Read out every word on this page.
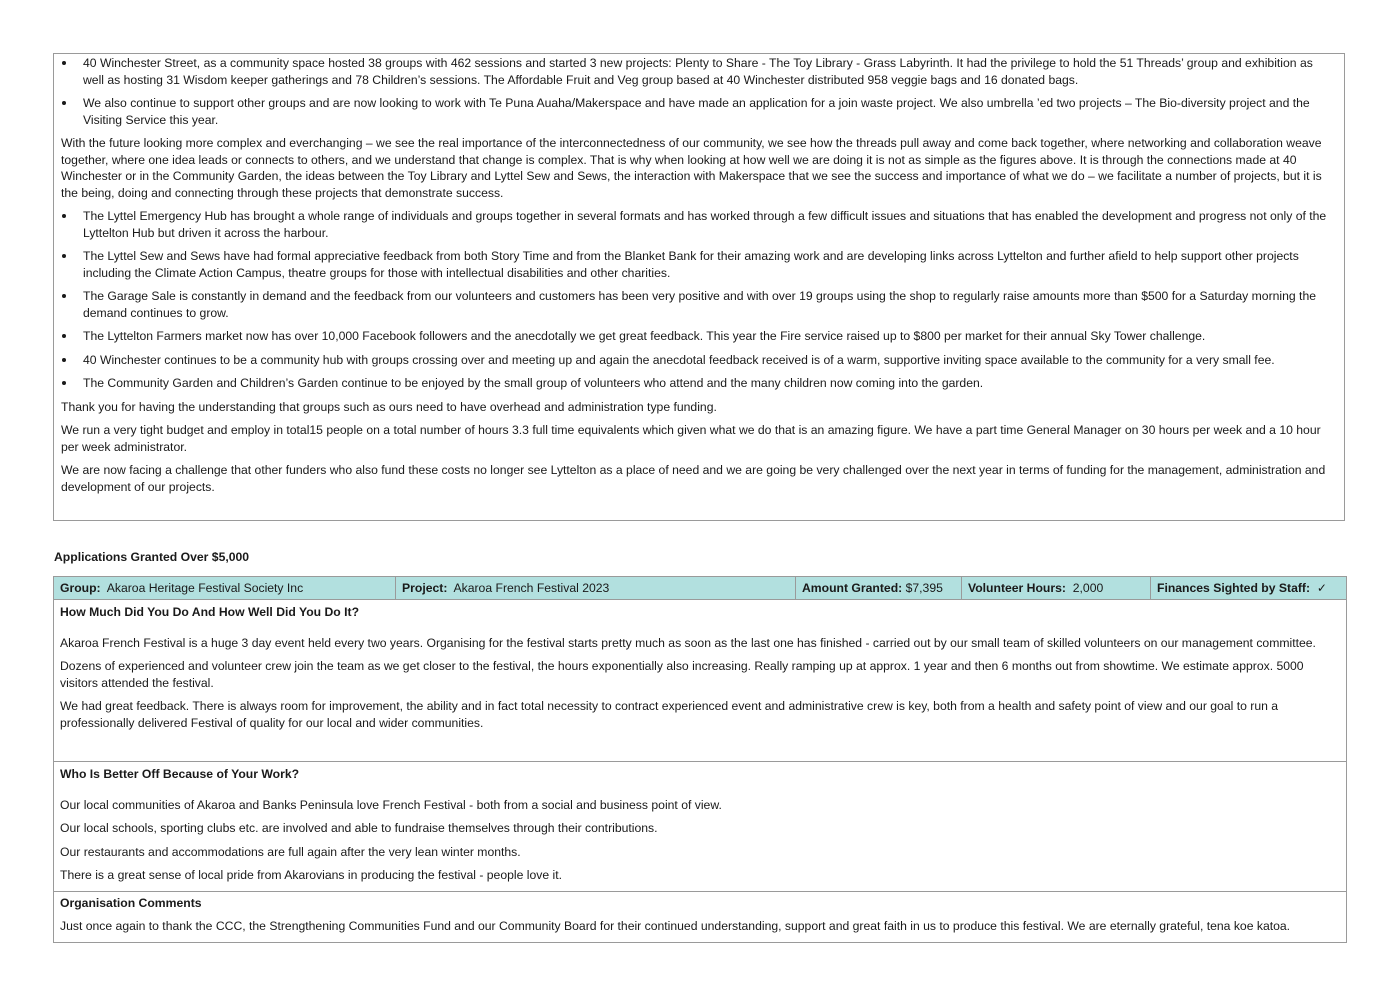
40 Winchester Street, as a community space hosted 38 groups with 462 sessions and started 3 new projects: Plenty to Share - The Toy Library - Grass Labyrinth. It had the privilege to hold the 51 Threads’ group and exhibition as well as hosting 31 Wisdom keeper gatherings and 78 Children’s sessions. The Affordable Fruit and Veg group based at 40 Winchester distributed 958 veggie bags and 16 donated bags.
We also continue to support other groups and are now looking to work with Te Puna Auaha/Makerspace and have made an application for a join waste project. We also umbrella ’ed two projects – The Bio-diversity project and the Visiting Service this year.

With the future looking more complex and everchanging – we see the real importance of the interconnectedness of our community, we see how the threads pull away and come back together, where networking and collaboration weave together, where one idea leads or connects to others, and we understand that change is complex. That is why when looking at how well we are doing it is not as simple as the figures above. It is through the connections made at 40 Winchester or in the Community Garden, the ideas between the Toy Library and Lyttel Sew and Sews, the interaction with Makerspace that we see the success and importance of what we do – we facilitate a number of projects, but it is the being, doing and connecting through these projects that demonstrate success.

The Lyttel Emergency Hub has brought a whole range of individuals and groups together in several formats and has worked through a few difficult issues and situations that has enabled the development and progress not only of the Lyttelton Hub but driven it across the harbour.
The Lyttel Sew and Sews have had formal appreciative feedback from both Story Time and from the Blanket Bank for their amazing work and are developing links across Lyttelton and further afield to help support other projects including the Climate Action Campus, theatre groups for those with intellectual disabilities and other charities.
The Garage Sale is constantly in demand and the feedback from our volunteers and customers has been very positive and with over 19 groups using the shop to regularly raise amounts more than $500 for a Saturday morning the demand continues to grow.
The Lyttelton Farmers market now has over 10,000 Facebook followers and the anecdotally we get great feedback. This year the Fire service raised up to $800 per market for their annual Sky Tower challenge.
40 Winchester continues to be a community hub with groups crossing over and meeting up and again the anecdotal feedback received is of a warm, supportive inviting space available to the community for a very small fee.
The Community Garden and Children’s Garden continue to be enjoyed by the small group of volunteers who attend and the many children now coming into the garden.

Thank you for having the understanding that groups such as ours need to have overhead and administration type funding.

We run a very tight budget and employ in total15 people on a total number of hours 3.3 full time equivalents which given what we do that is an amazing figure. We have a part time General Manager on 30 hours per week and a 10 hour per week administrator.

We are now facing a challenge that other funders who also fund these costs no longer see Lyttelton as a place of need and we are going be very challenged over the next year in terms of funding for the management, administration and development of our projects.

Applications Granted Over $5,000
Group: Akaroa Heritage Festival Society Inc	Project: Akaroa French Festival 2023	Amount Granted: $7,395	Volunteer Hours: 2,000	Finances Sighted by Staff: ✓

How Much Did You Do And How Well Did You Do It?

Akaroa French Festival is a huge 3 day event held every two years. Organising for the festival starts pretty much as soon as the last one has finished - carried out by our small team of skilled volunteers on our management committee.

Dozens of experienced and volunteer crew join the team as we get closer to the festival, the hours exponentially also increasing. Really ramping up at approx. 1 year and then 6 months out from showtime. We estimate approx. 5000 visitors attended the festival.

We had great feedback. There is always room for improvement, the ability and in fact total necessity to contract experienced event and administrative crew is key, both from a health and safety point of view and our goal to run a professionally delivered Festival of quality for our local and wider communities.

Who Is Better Off Because of Your Work?

Our local communities of Akaroa and Banks Peninsula love French Festival - both from a social and business point of view.

Our local schools, sporting clubs etc. are involved and able to fundraise themselves through their contributions.

Our restaurants and accommodations are full again after the very lean winter months.

There is a great sense of local pride from Akarovians in producing the festival - people love it.

Organisation Comments

Just once again to thank the CCC, the Strengthening Communities Fund and our Community Board for their continued understanding, support and great faith in us to produce this festival. We are eternally grateful, tena koe katoa.
